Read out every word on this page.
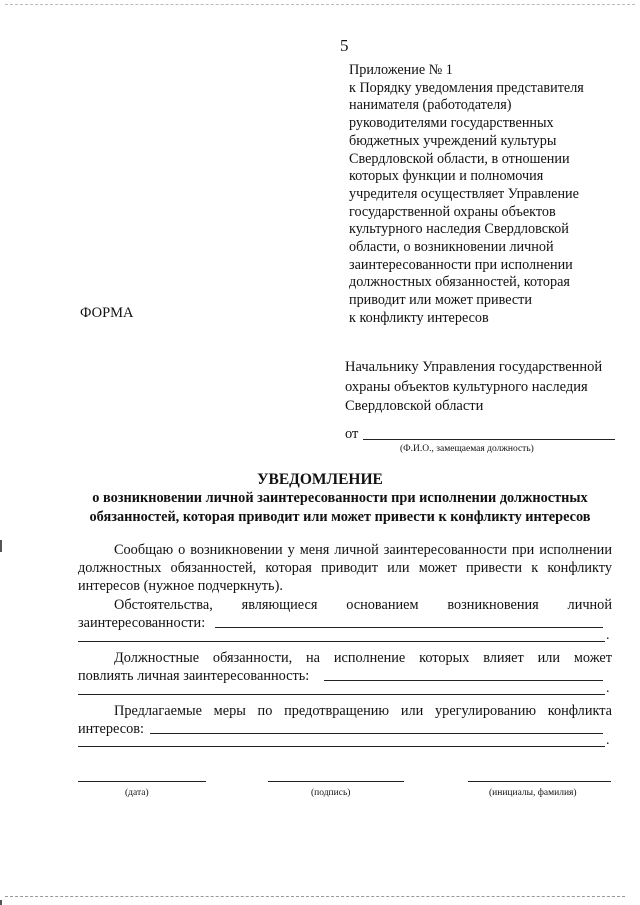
5
Приложение № 1
к Порядку уведомления представителя
нанимателя (работодателя)
руководителями государственных
бюджетных учреждений культуры
Свердловской области, в отношении
которых функции и полномочия
учредителя осуществляет Управление
государственной охраны объектов
культурного наследия Свердловской
области, о возникновении личной
заинтересованности при исполнении
должностных обязанностей, которая
приводит или может привести
к конфликту интересов
ФОРМА
Начальнику Управления государственной
охраны объектов культурного наследия
Свердловской области
от
(Ф.И.О., замещаемая должность)
УВЕДОМЛЕНИЕ
о возникновении личной заинтересованности при исполнении должностных обязанностей, которая приводит или может привести к конфликту интересов
Сообщаю о возникновении у меня личной заинтересованности при исполнении должностных обязанностей, которая приводит или может привести к конфликту интересов (нужное подчеркнуть).
Обстоятельства, являющиеся основанием возникновения личной
заинтересованности:
.
Должностные обязанности, на исполнение которых влияет или может
повлиять личная заинтересованность:
.
Предлагаемые меры по предотвращению или урегулированию конфликта
интересов:
.
(дата)	(подпись)	(инициалы, фамилия)
